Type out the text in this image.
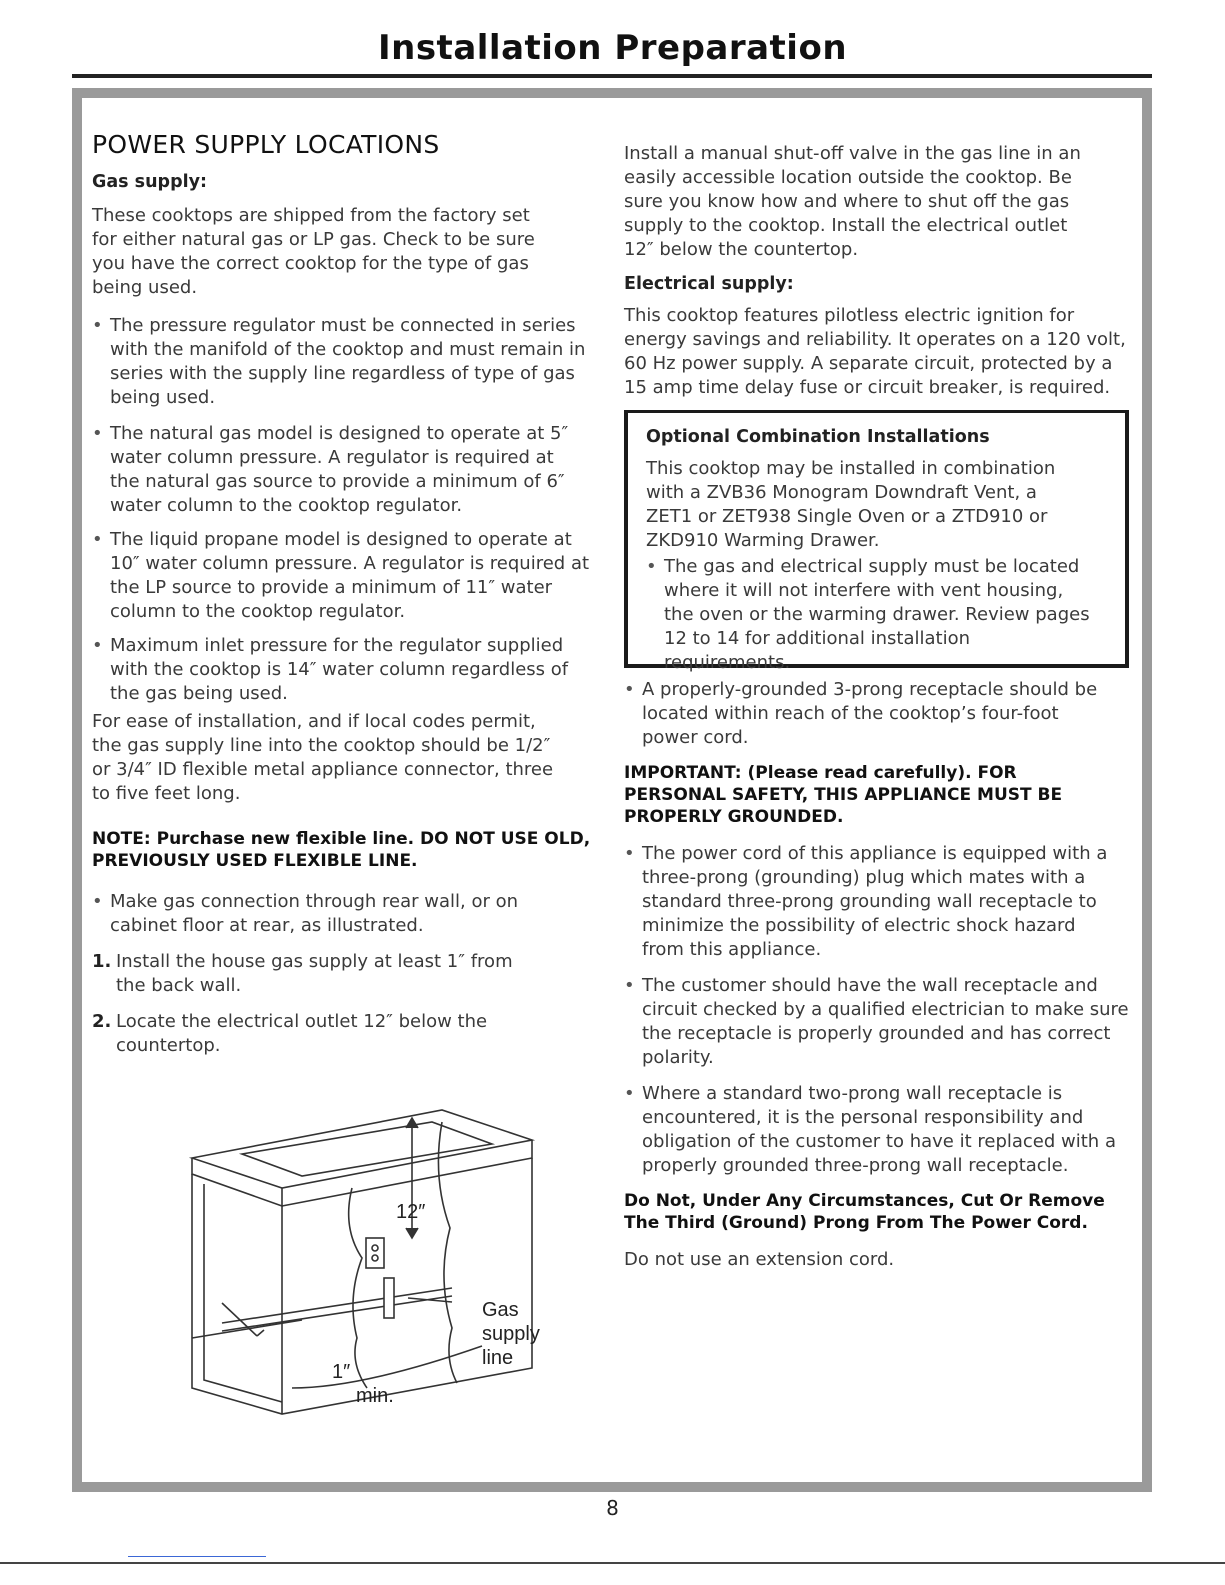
Installation Preparation
POWER SUPPLY LOCATIONS
Gas supply:

These cooktops are shipped from the factory set for either natural gas or LP gas. Check to be sure you have the correct cooktop for the type of gas being used.

• The pressure regulator must be connected in series with the manifold of the cooktop and must remain in series with the supply line regardless of type of gas being used.
• The natural gas model is designed to operate at 5″ water column pressure. A regulator is required at the natural gas source to provide a minimum of 6″ water column to the cooktop regulator.
• The liquid propane model is designed to operate at 10″ water column pressure. A regulator is required at the LP source to provide a minimum of 11″ water column to the cooktop regulator.
• Maximum inlet pressure for the regulator supplied with the cooktop is 14″ water column regardless of the gas being used.

For ease of installation, and if local codes permit, the gas supply line into the cooktop should be 1/2″ or 3/4″ ID flexible metal appliance connector, three to five feet long.

NOTE: Purchase new flexible line. DO NOT USE OLD, PREVIOUSLY USED FLEXIBLE LINE.

• Make gas connection through rear wall, or on cabinet floor at rear, as illustrated.
1. Install the house gas supply at least 1″ from the back wall.
2. Locate the electrical outlet 12″ below the countertop.
12″
Gas
supply
line
1″
min.

Install a manual shut-off valve in the gas line in an easily accessible location outside the cooktop. Be sure you know how and where to shut off the gas supply to the cooktop. Install the electrical outlet 12″ below the countertop.

Electrical supply:

This cooktop features pilotless electric ignition for energy savings and reliability. It operates on a 120 volt, 60 Hz power supply. A separate circuit, protected by a 15 amp time delay fuse or circuit breaker, is required.

Optional Combination Installations

This cooktop may be installed in combination with a ZVB36 Monogram Downdraft Vent, a ZET1 or ZET938 Single Oven or a ZTD910 or ZKD910 Warming Drawer.

• The gas and electrical supply must be located where it will not interfere with vent housing, the oven or the warming drawer. Review pages 12 to 14 for additional installation requirements.
• A properly-grounded 3-prong receptacle should be located within reach of the cooktop’s four-foot power cord.

IMPORTANT: (Please read carefully). FOR PERSONAL SAFETY, THIS APPLIANCE MUST BE PROPERLY GROUNDED.

• The power cord of this appliance is equipped with a three-prong (grounding) plug which mates with a standard three-prong grounding wall receptacle to minimize the possibility of electric shock hazard from this appliance.
• The customer should have the wall receptacle and circuit checked by a qualified electrician to make sure the receptacle is properly grounded and has correct polarity.
• Where a standard two-prong wall receptacle is encountered, it is the personal responsibility and obligation of the customer to have it replaced with a properly grounded three-prong wall receptacle.

Do Not, Under Any Circumstances, Cut Or Remove The Third (Ground) Prong From The Power Cord.

Do not use an extension cord.

8
